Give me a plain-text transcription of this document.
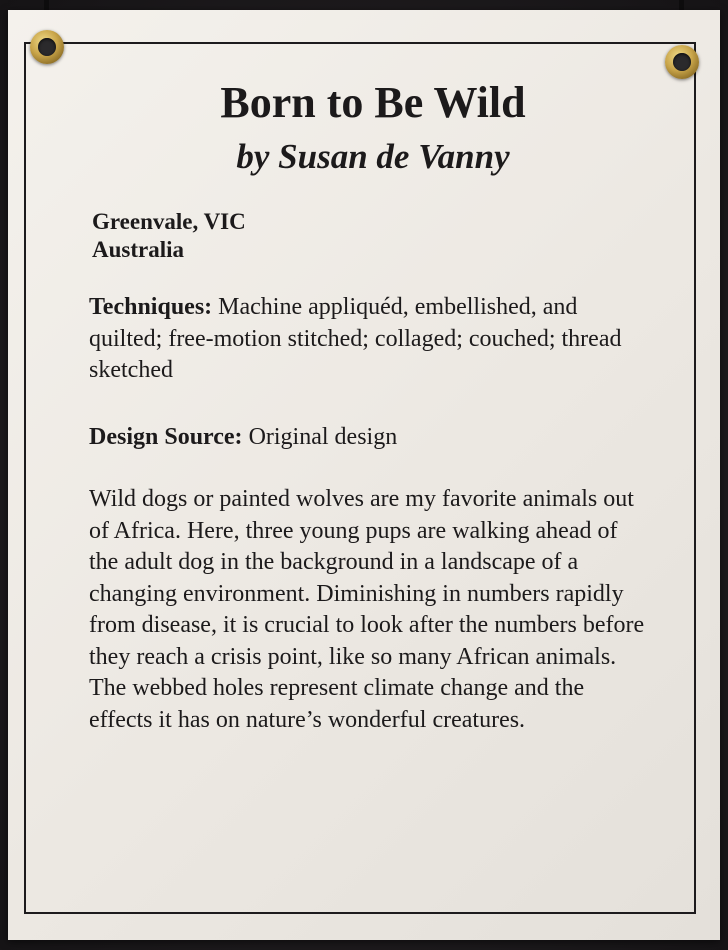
Born to Be Wild
by Susan de Vanny
Greenvale, VIC
Australia
Techniques: Machine appliquéd, embellished, and quilted; free-motion stitched; collaged; couched; thread sketched
Design Source: Original design
Wild dogs or painted wolves are my favorite animals out of Africa. Here, three young pups are walking ahead of the adult dog in the background in a landscape of a changing environment. Diminishing in numbers rapidly from disease, it is crucial to look after the numbers before they reach a crisis point, like so many African animals. The webbed holes represent climate change and the effects it has on nature’s wonderful creatures.
